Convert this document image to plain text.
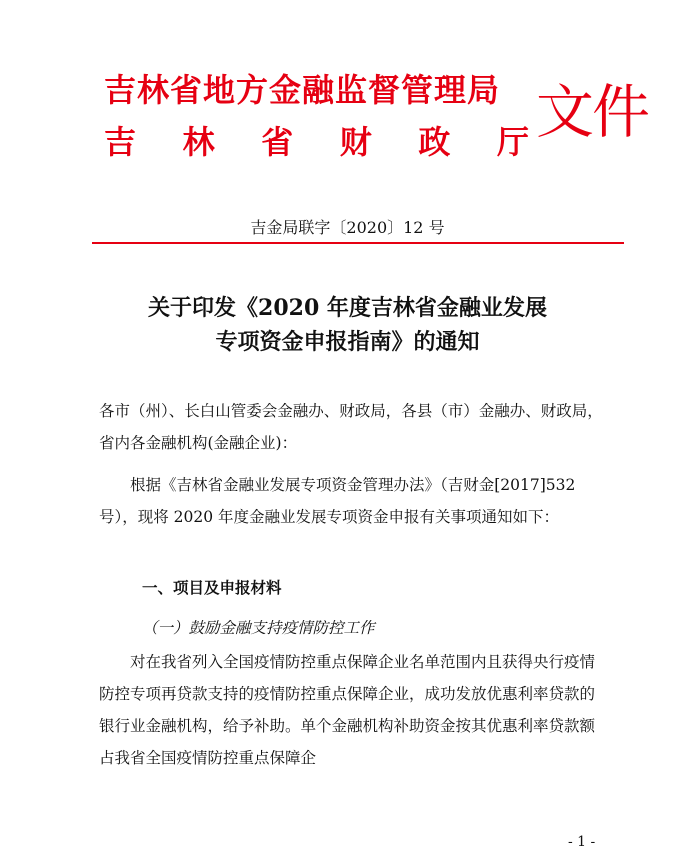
吉林省地方金融监督管理局
吉 林 省 财 政 厅 文件
吉金局联字〔2020〕12 号
关于印发《2020 年度吉林省金融业发展
专项资金申报指南》的通知
各市（州）、长白山管委会金融办、财政局，各县（市）金融办、财政局，省内各金融机构(金融企业)：
根据《吉林省金融业发展专项资金管理办法》（吉财金[2017]532 号），现将 2020 年度金融业发展专项资金申报有关事项通知如下：
一、项目及申报材料
（一）鼓励金融支持疫情防控工作
对在我省列入全国疫情防控重点保障企业名单范围内且获得央行疫情防控专项再贷款支持的疫情防控重点保障企业，成功发放优惠利率贷款的银行业金融机构，给予补助。单个金融机构补助资金按其优惠利率贷款额占我省全国疫情防控重点保障企
- 1 -
